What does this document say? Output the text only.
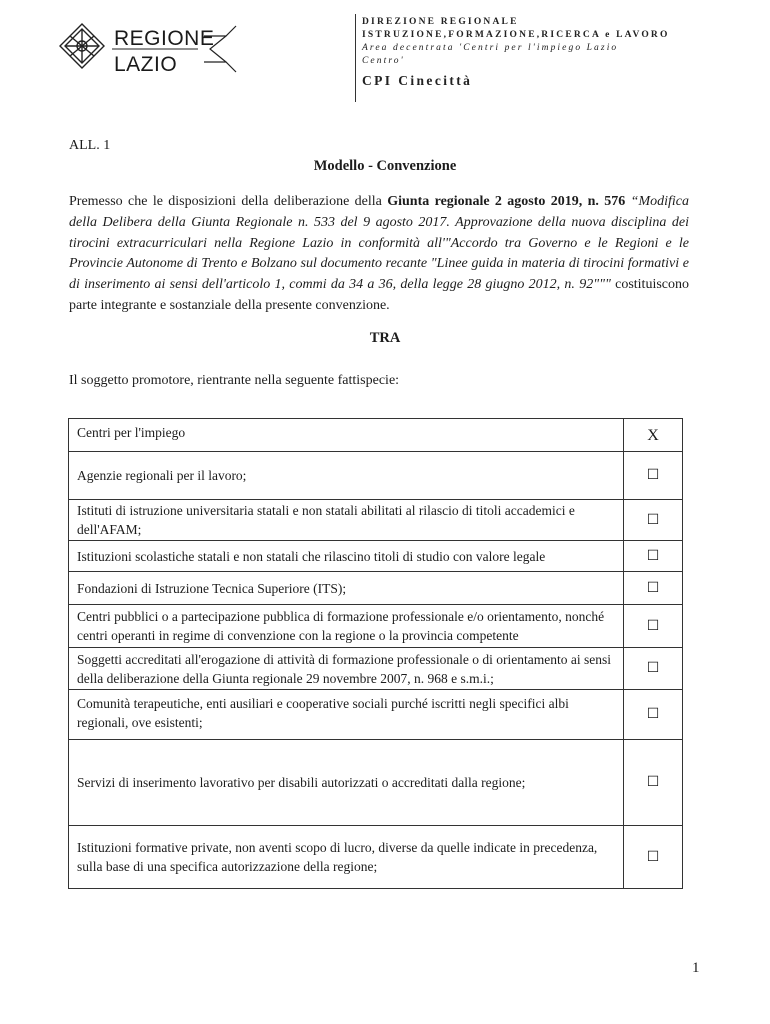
REGIONE
LAZIO
DIREZIONE REGIONALE
ISTRUZIONE,FORMAZIONE,RICERCA e LAVORO
Area decentrata 'Centri per l'impiego Lazio
Centro'
CPI Cinecittà
ALL. 1
Modello - Convenzione
Premesso che le disposizioni della deliberazione della Giunta regionale 2 agosto 2019, n. 576 “Modifica della Delibera della Giunta Regionale n. 533 del 9 agosto 2017. Approvazione della nuova disciplina dei tirocini extracurriculari nella Regione Lazio in conformità all'"Accordo tra Governo e le Regioni e le Provincie Autonome di Trento e Bolzano sul documento recante "Linee guida in materia di tirocini formativi e di inserimento ai sensi dell'articolo 1, commi da 34 a 36, della legge 28 giugno 2012, n. 92""" costituiscono parte integrante e sostanziale della presente convenzione.
TRA
Il soggetto promotore, rientrante nella seguente fattispecie:
Centri per l'impiego	X
Agenzie regionali per il lavoro;	☐
Istituti di istruzione universitaria statali e non statali abilitati al rilascio di titoli accademici e dell'AFAM;	☐
Istituzioni scolastiche statali e non statali che rilascino titoli di studio con valore legale	☐
Fondazioni di Istruzione Tecnica Superiore (ITS);	☐
Centri pubblici o a partecipazione pubblica di formazione professionale e/o orientamento, nonché centri operanti in regime di convenzione con la regione o la provincia competente	☐
Soggetti accreditati all'erogazione di attività di formazione professionale o di orientamento ai sensi della deliberazione della Giunta regionale 29 novembre 2007, n. 968 e s.m.i.;	☐
Comunità terapeutiche, enti ausiliari e cooperative sociali purché iscritti negli specifici albi regionali, ove esistenti;	☐
Servizi di inserimento lavorativo per disabili autorizzati o accreditati dalla regione;	☐
Istituzioni formative private, non aventi scopo di lucro, diverse da quelle indicate in precedenza, sulla base di una specifica autorizzazione della regione;	☐
1
